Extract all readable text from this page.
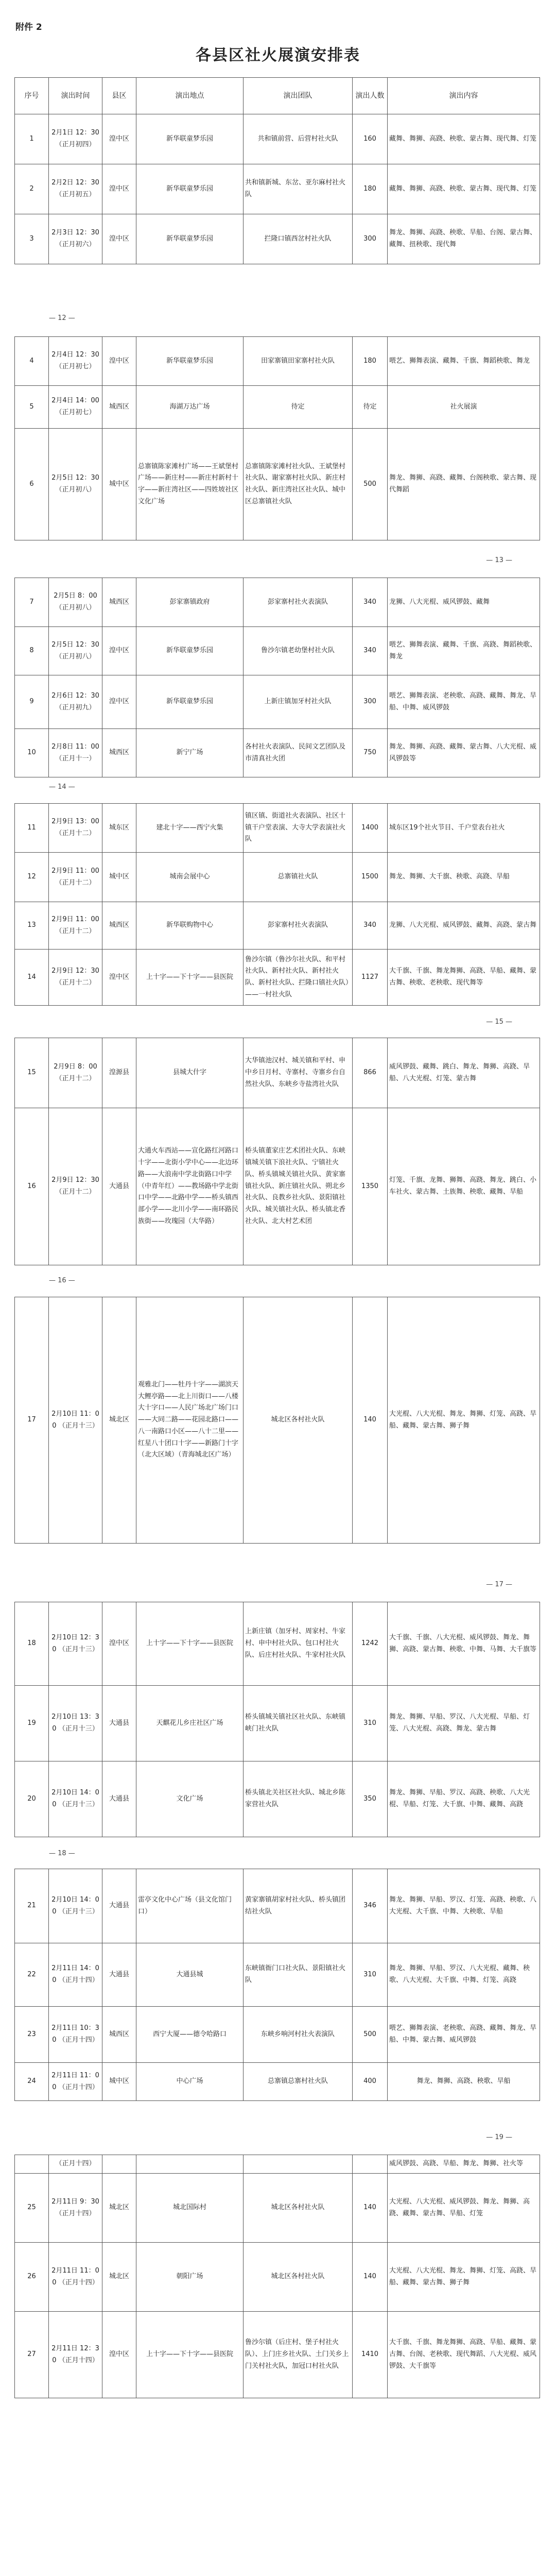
附件 2
各县区社火展演安排表
序号	演出时间	县区	演出地点	演出团队	演出人数	演出内容
1	2月1日 12：30 （正月初四）	湟中区	新华联童梦乐园	共和镇前营、后营村社火队	160	藏舞、舞狮、高跷、秧歌、蒙古舞、现代舞、灯笼
2	2月2日 12：30 （正月初五）	湟中区	新华联童梦乐园	共和镇新城、东岔、亚尔麻村社火队	180	藏舞、舞狮、高跷、秧歌、蒙古舞、现代舞、灯笼
3	2月3日 12：30 （正月初六）	湟中区	新华联童梦乐园	拦隆口镇西岔村社火队	300	舞龙、舞狮、高跷、秧歌、旱船、台阁、蒙古舞、藏舞、扭秧歌、现代舞
4	2月4日 12：30 （正月初七）	湟中区	新华联童梦乐园	田家寨镇田家寨村社火队	180	喂艺、狮舞表演、藏舞、千旗、舞蹈秧歌、舞龙
5	2月4日 14：00 （正月初七）	城西区	海湖万达广场	待定	待定	社火展演
6	2月5日 12：30 （正月初八）	城中区	总寨镇陈家滩村广场——王斌堡村广场——新庄村——新庄村新村十字——新庄湾社区——四姓坡社区文化广场	总寨镇陈家滩村社火队、王斌堡村社火队、谢家寨村社火队、新庄村社火队、新庄湾社区社火队、城中区总寨镇社火队	500	舞龙、舞狮、高跷、藏舞、台阁秧歌、蒙古舞、现代舞蹈
7	2月5日 8：00 （正月初八）	城西区	彭家寨镇政府	彭家寨村社火表演队	340	龙狮、八大光棍、威风锣鼓、藏舞
8	2月5日 12：30 （正月初八）	湟中区	新华联童梦乐园	鲁沙尔镇老幼堡村社火队	340	喂艺、狮舞表演、藏舞、千旗、高跷、舞蹈秧歌、舞龙
9	2月6日 12：30 （正月初九）	湟中区	新华联童梦乐园	上新庄镇加牙村社火队	300	喂艺、狮舞表演、老秧歌、高跷、藏舞、舞龙、旱船、中舞、威风锣鼓
10	2月8日 11：00 （正月十一）	城西区	新宁广场	各村社火表演队、民间文艺团队及市清真社火团	750	舞龙、舞狮、高跷、藏舞、蒙古舞、八大光棍、威风锣鼓等
11	2月9日 13：00 （正月十二）	城东区	建北十字——西宁火集	镇区镇、街道社火表演队、社区十镇干户堂表演、大寺大学表演社火队	1400	城东区19个社火节目、千户堂表台社火
12	2月9日 11：00 （正月十二）	城中区	城南会展中心	总寨镇社火队	1500	舞龙、舞狮、大千旗、秧歌、高跷、旱船
13	2月9日 11：00 （正月十二）	城西区	新华联购物中心	彭家寨村社火表演队	340	龙狮、八大光棍、威风锣鼓、藏舞、高跷、蒙古舞
14	2月9日 12：30 （正月十二）	湟中区	上十字——下十字——县医院	鲁沙尔镇（鲁沙尔社火队、和平村社火队、新村社火队、新村社火队、新村社火队、拦隆口镇社火队）——一村社火队	1127	大千旗、千旗、舞龙舞狮、高跷、旱船、藏舞、蒙古舞、秧歌、老秧歌、现代舞等
15	2月9日 8：00 （正月十二）	湟源县	县城大什字	大华镇池汉村、城关镇和平村、申中乡日月村、寺寨村、寺寨乡台自然社火队、东峡乡寺盐湾社火队	866	威风锣鼓、藏舞、跳白、舞龙、舞狮、高跷、旱船、八大光棍、灯笼、蒙古舞
16	2月9日 12：30 （正月十二）	大通县	大通火车西站——宣化路红河路口十字——北街小学中心——北边环路——大浪南中学北街路口中学（中青年红）——教场路中学北街口中学——北路中学——桥头镇西部小学——北川小学——南环路民族街——玫瑰园（大华路）	桥头镇董家庄艺术团社火队、东峡镇城关镇下浪社火队、宁镇社火队、桥头镇城关镇社火队、黄家寨镇社火队、新庄镇社火队、朔北乡社火队、良教乡社火队、景阳镇社火队、城关镇社火队、桥头镇北香社火队、北大村艺术团	1350	灯笼、千旗、龙舞、狮舞、高跷、舞龙、跳白、小车社火、蒙古舞、土族舞、秧歌、藏舞、旱船
17	2月10日 11：00 （正月十三）	城北区	观雅北门——牡丹十字——湖滨天大鲤亭路——北上川街口——八楼大十字口——人民广场北广场门口——大同二路——花园北路口——八一南路口小区——八十二里——红星八十团口十字——新路门十字（北大区域）（青海城北区广场）	城北区各村社火队	140	大光棍、八大光棍、舞龙、舞狮、灯笼、高跷、旱船、藏舞、蒙古舞、狮子舞
18	2月10日 12：30 （正月十三）	湟中区	上十字——下十字——县医院	上新庄镇（加牙村、周家村、牛家村、申中村社火队、包口村社火队、后庄村社火队、牛家村社火队	1242	大千旗、千旗、八大光棍、威风锣鼓、舞龙、舞狮、高跷、蒙古舞、秧歌、中舞、马舞、大千旗等
19	2月10日 13：30 （正月十三）	大通县	天麒花儿乡庄社区广场	桥头镇城关镇社区社火队、东峡镇峡门社火队	310	舞龙、舞狮、早船、罗汉、八大光棍、旱船、灯笼、八大光棍、高跷、舞龙、蒙古舞
20	2月10日 14：00 （正月十三）	大通县	文化广场	桥头镇北关社区社火队、城北乡陈家营社火队	350	舞龙、舞狮、早船、罗汉、高跷、秧歌、八大光棍、旱船、灯笼、大千旗、中舞、藏舞、高跷
21	2月10日 14：00 （正月十三）	大通县	雷亭文化中心广场（县文化馆门口）	黄家寨镇胡家村社火队、桥头镇团结社火队	346	舞龙、舞狮、早船、罗汉、灯笼、高跷、秧歌、八大光棍、大千旗、中舞、大秧歌、旱船
22	2月11日 14：00 （正月十四）	大通县	大通县城	东峡镇衙门口社火队、景阳镇社火队	310	舞龙、舞狮、早船、罗汉、八大光棍、藏舞、秧歌、八大光棍、大千旗、中舞、灯笼、高跷
23	2月11日 10：30 （正月十四）	城西区	西宁大厦——德令哈路口	东峡乡响河村社火表演队	500	喂艺、狮舞表演、老秧歌、高跷、藏舞、舞龙、旱船、中舞、蒙古舞、威风锣鼓
24	2月11日 11：00 （正月十四）	城中区	中心广场	总寨镇总寨村社火队	400	舞龙、舞狮、高跷、秧歌、旱船
	（正月十四）					威风锣鼓、高跷、旱船、舞龙、舞狮、社火等
25	2月11日 9：30 （正月十四）	城北区	城北国际村	城北区各村社火队	140	大光棍、八大光棍、威风锣鼓、舞龙、舞狮、高跷、藏舞、蒙古舞、旱船、灯笼
26	2月11日 11：00 （正月十四）	城北区	朝阳广场	城北区各村社火队	140	大光棍、八大光棍、舞龙、舞狮、灯笼、高跷、旱船、藏舞、蒙古舞、狮子舞
27	2月11日 12：30 （正月十四）	湟中区	上十字——下十字——县医院	鲁沙尔镇（后庄村、堡子村社火队）、上门庄乡社火队、土门关乡上门关村社火队，加冠口村社火队	1410	大千旗、千旗、舞龙舞狮、高跷、旱船、藏舞、蒙古舞、台阁、老秧歌、现代舞蹈、八大光棍、威风锣鼓、大千旗等
— 12 —
— 13 —
— 14 —
— 15 —
— 16 —
— 17 —
— 18 —
— 19 —
